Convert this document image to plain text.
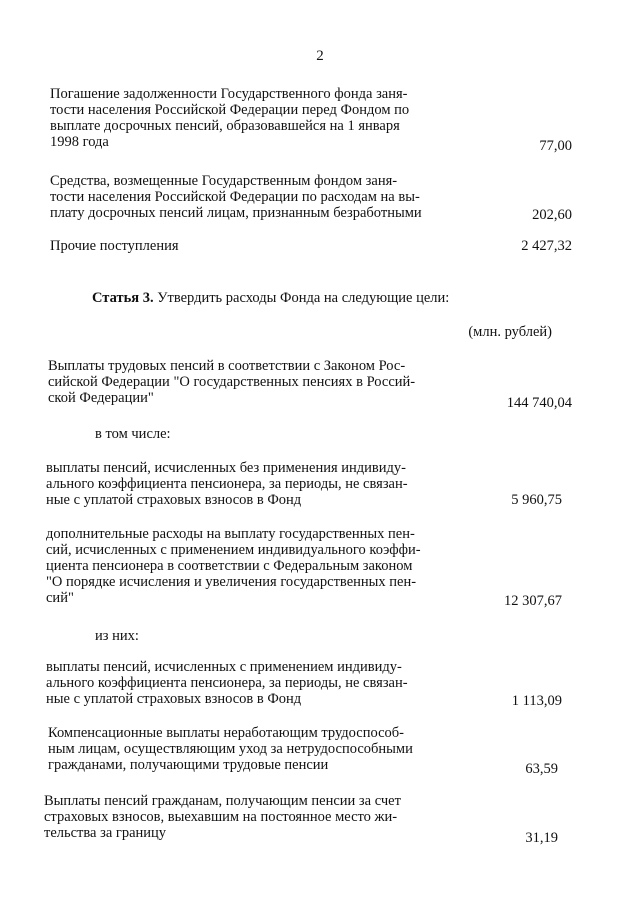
2
Погашение задолженности Государственного фонда заня-
тости населения Российской Федерации перед Фондом по
выплате досрочных пенсий, образовавшейся на 1 января
1998 года	77,00
Средства, возмещенные Государственным фондом заня-
тости населения Российской Федерации по расходам на вы-
плату досрочных пенсий лицам, признанным безработными	202,60
Прочие поступления	2 427,32
Статья 3. Утвердить расходы Фонда на следующие цели:
(млн. рублей)
Выплаты трудовых пенсий в соответствии с Законом Рос-
сийской Федерации "О государственных пенсиях в Россий-
ской Федерации"	144 740,04
в том числе:
выплаты пенсий, исчисленных без применения индивиду-
ального коэффициента пенсионера, за периоды, не связан-
ные с уплатой страховых взносов в Фонд	5 960,75
дополнительные расходы на выплату государственных пен-
сий, исчисленных с применением индивидуального коэффи-
циента пенсионера в соответствии с Федеральным законом
"О порядке исчисления и увеличения государственных пен-
сий"	12 307,67
из них:
выплаты пенсий, исчисленных с применением индивиду-
ального коэффициента пенсионера, за периоды, не связан-
ные с уплатой страховых взносов в Фонд	1 113,09
Компенсационные выплаты неработающим трудоспособ-
ным лицам, осуществляющим уход за нетрудоспособными
гражданами, получающими трудовые пенсии	63,59
Выплаты пенсий гражданам, получающим пенсии за счет
страховых взносов, выехавшим на постоянное место жи-
тельства за границу	31,19
